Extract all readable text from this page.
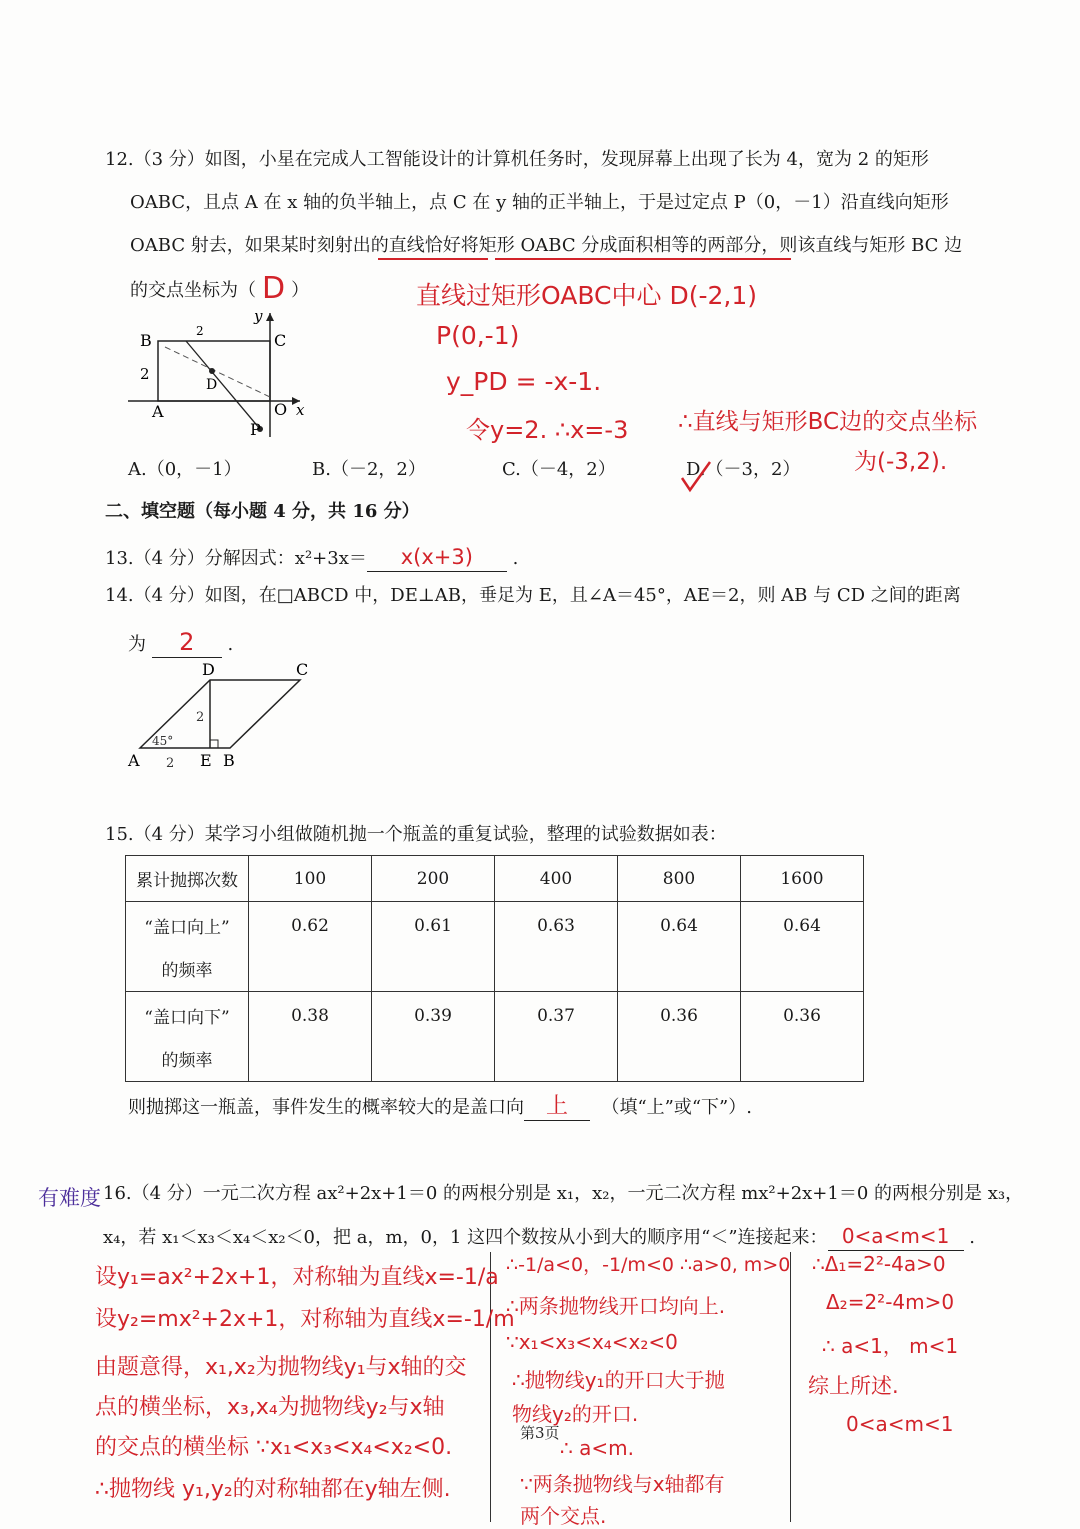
12.（3 分）如图，小星在完成人工智能设计的计算机任务时，发现屏幕上出现了长为 4，宽为 2 的矩形
OABC，且点 A 在 x 轴的负半轴上，点 C 在 y 轴的正半轴上，于是过定点 P（0，－1）沿直线向矩形
OABC 射去，如果某时刻射出的直线恰好将矩形 OABC 分成面积相等的两部分，则该直线与矩形 BC 边
的交点坐标为（ D ）
B	C
A	O
P
D
x
y
2
2
A.（0，－1）	B.（－2，2）	C.（－4，2）	D.（－3，2）
直线过矩形OABC中心 D(-2,1)
P(0,-1)
y_PD = -x-1.
令y=2. ∴x=-3 ∴直线与矩形BC边的交点坐标
为(-3,2).
二、填空题（每小题 4 分，共 16 分）
13.（4 分）分解因式：x²+3x＝ x(x+3) .
14.（4 分）如图，在□ABCD 中，DE⊥AB，垂足为 E，且∠A＝45°，AE＝2，则 AB 与 CD 之间的距离
为 2 .
D	C
A	E B
45°
2
2
15.（4 分）某学习小组做随机抛一个瓶盖的重复试验，整理的试验数据如表：
累计抛掷次数	100	200	400	800	1600

“盖口向上”
的频率	0.62	0.61	0.63	0.64	0.64

“盖口向下”
的频率	0.38	0.39	0.37	0.36	0.36
则抛掷这一瓶盖，事件发生的概率较大的是盖口向 上 （填“上”或“下”）.
有难度 16.（4 分）一元二次方程 ax²+2x+1＝0 的两根分别是 x₁，x₂，一元二次方程 mx²+2x+1＝0 的两根分别是 x₃，
x₄，若 x₁＜x₃＜x₄＜x₂＜0，把 a，m，0，1 这四个数按从小到大的顺序用“＜”连接起来： 0<a<m<1 .
设y₁=ax²+2x+1，对称轴为直线x=-1/a
设y₂=mx²+2x+1，对称轴为直线x=-1/m
由题意得，x₁,x₂为抛物线y₁与x轴的交
点的横坐标，x₃,x₄为抛物线y₂与x轴
的交点的横坐标 ∵x₁<x₃<x₄<x₂<0.
∴抛物线 y₁,y₂的对称轴都在y轴左侧.
∴-1/a<0，-1/m<0 ∴a>0, m>0
∴两条抛物线开口均向上.
∵x₁<x₃<x₄<x₂<0
∴抛物线y₁的开口大于抛
物线y₂的开口.
∴ a<m.
∵两条抛物线与x轴都有
两个交点.
∴Δ₁=2²-4a>0
Δ₂=2²-4m>0
∴ a<1， m<1
综上所述.
0<a<m<1
第3页
